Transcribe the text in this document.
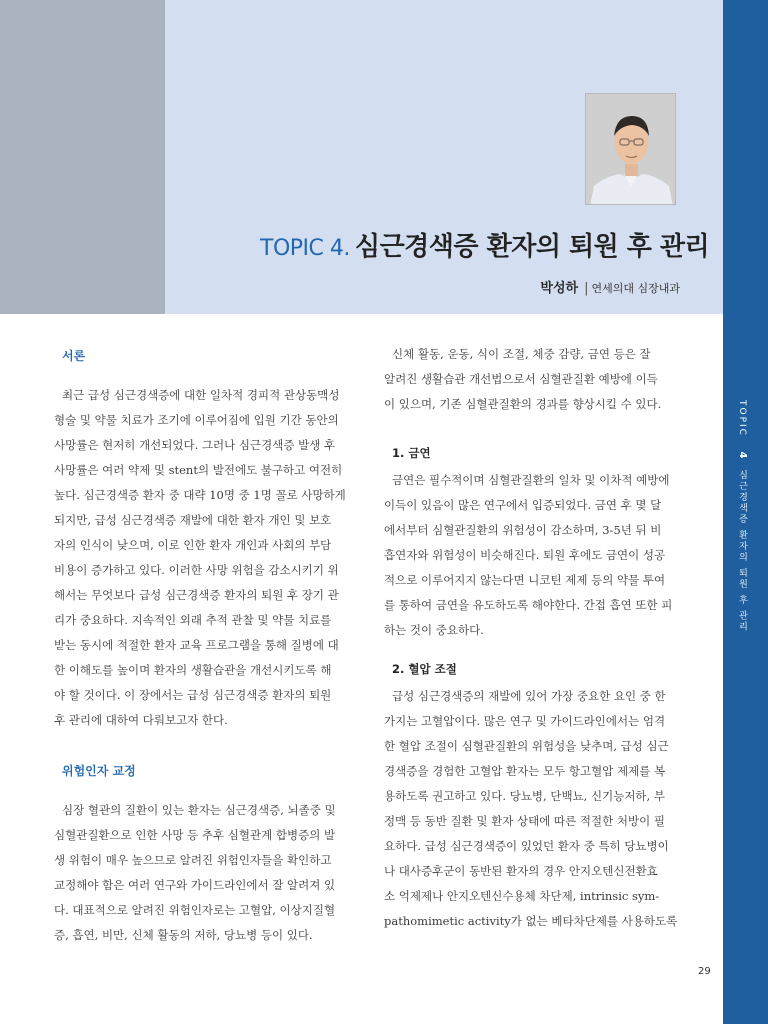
TOPIC 4. 심근경색증 환자의 퇴원 후 관리
박성하 | 연세의대 심장내과
TOPIC   4  심근경색증 환자의 퇴원 후 관리
서론
최근 급성 심근경색증에 대한 일차적 경피적 관상동맥성
형술 및 약물 치료가 조기에 이루어짐에 입원 기간 동안의
사망률은 현저히 개선되었다. 그러나 심근경색증 발생 후
사망률은 여러 약제 및 stent의 발전에도 불구하고 여전히
높다. 심근경색증 환자 중 대략 10명 중 1명 꼴로 사망하게
되지만, 급성 심근경색증 재발에 대한 환자 개인 및 보호
자의 인식이 낮으며, 이로 인한 환자 개인과 사회의 부담
비용이 증가하고 있다. 이러한 사망 위험을 감소시키기 위
해서는 무엇보다 급성 심근경색증 환자의 퇴원 후 장기 관
리가 중요하다. 지속적인 외래 추적 관찰 및 약물 치료를
받는 동시에 적절한 환자 교육 프로그램을 통해 질병에 대
한 이해도를 높이며 환자의 생활습관을 개선시키도록 해
야 할 것이다. 이 장에서는 급성 심근경색증 환자의 퇴원
후 관리에 대하여 다뤄보고자 한다.
위험인자 교정
심장 혈관의 질환이 있는 환자는 심근경색증, 뇌졸중 및
심혈관질환으로 인한 사망 등 추후 심혈관계 합병증의 발
생 위험이 매우 높으므로 알려진 위험인자들을 확인하고
교정해야 함은 여러 연구와 가이드라인에서 잘 알려져 있
다. 대표적으로 알려진 위험인자로는 고혈압, 이상지질혈
증, 흡연, 비만, 신체 활동의 저하, 당뇨병 등이 있다.
신체 활동, 운동, 식이 조절, 체중 감량, 금연 등은 잘
알려진 생활습관 개선법으로서 심혈관질환 예방에 이득
이 있으며, 기존 심혈관질환의 경과를 향상시킬 수 있다.
1. 금연
금연은 필수적이며 심혈관질환의 일차 및 이차적 예방에
이득이 있음이 많은 연구에서 입증되었다. 금연 후 몇 달
에서부터 심혈관질환의 위험성이 감소하며, 3-5년 뒤 비
흡연자와 위험성이 비슷해진다. 퇴원 후에도 금연이 성공
적으로 이루어지지 않는다면 니코틴 제제 등의 약물 투여
를 통하여 금연을 유도하도록 해야한다. 간접 흡연 또한 피
하는 것이 중요하다.
2. 혈압 조절
급성 심근경색증의 재발에 있어 가장 중요한 요인 중 한
가지는 고혈압이다. 많은 연구 및 가이드라인에서는 엄격
한 혈압 조절이 심혈관질환의 위험성을 낮추며, 급성 심근
경색증을 경험한 고혈압 환자는 모두 항고혈압 제제를 복
용하도록 권고하고 있다. 당뇨병, 단백뇨, 신기능저하, 부
정맥 등 동반 질환 및 환자 상태에 따른 적절한 처방이 필
요하다. 급성 심근경색증이 있었던 환자 중 특히 당뇨병이
나 대사증후군이 동반된 환자의 경우 안지오텐신전환효
소 억제제나 안지오텐신수용체 차단제, intrinsic sym-
pathomimetic activity가 없는 베타차단제를 사용하도록
29
